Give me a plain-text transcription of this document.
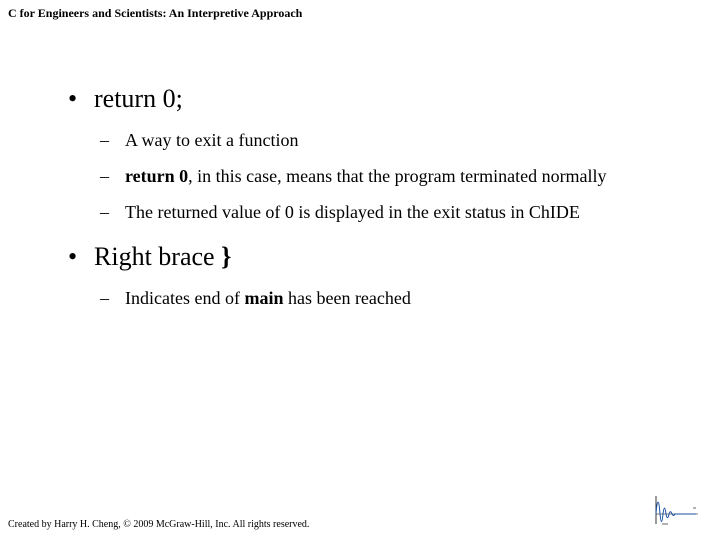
C for Engineers and Scientists: An Interpretive Approach
• return 0;
– A way to exit a function
– return 0, in this case, means that the program terminated normally
– The returned value of 0 is displayed in the exit status in ChIDE
• Right brace }
– Indicates end of main has been reached
Created by Harry H. Cheng, © 2009 McGraw-Hill, Inc. All rights reserved.
